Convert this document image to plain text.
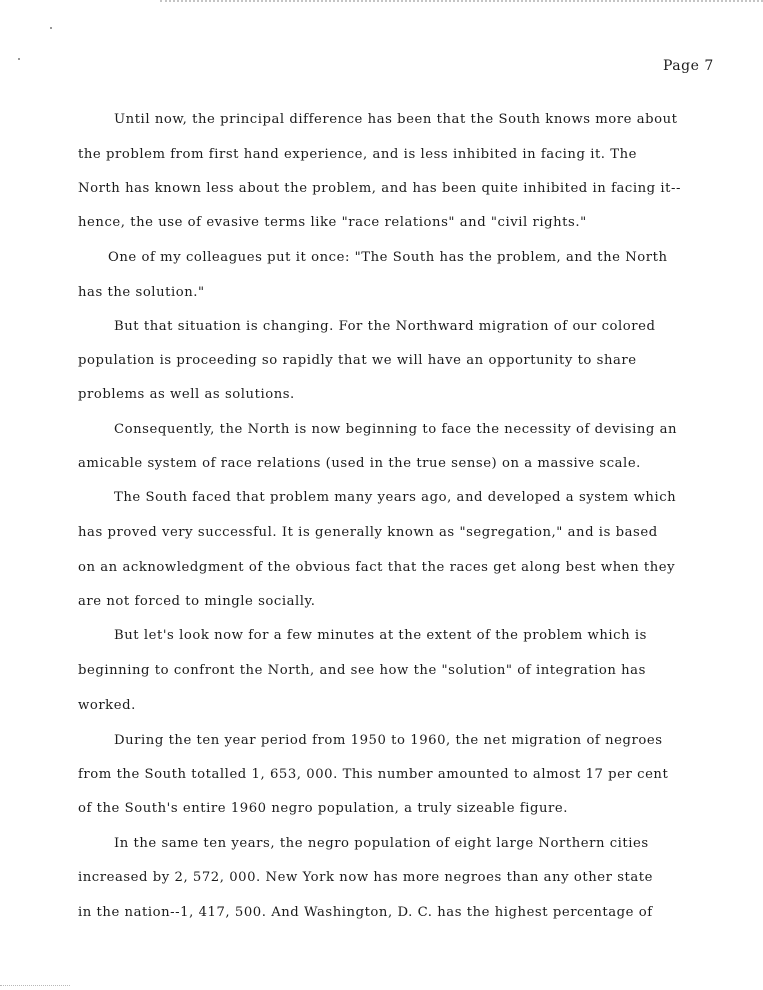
Page 7
Until now, the principal difference has been that the South knows more about
the problem from first hand experience, and is less inhibited in facing it. The
North has known less about the problem, and has been quite inhibited in facing it--
hence, the use of evasive terms like "race relations" and "civil rights."
One of my colleagues put it once: "The South has the problem, and the North
has the solution."
But that situation is changing. For the Northward migration of our colored
population is proceeding so rapidly that we will have an opportunity to share
problems as well as solutions.
Consequently, the North is now beginning to face the necessity of devising an
amicable system of race relations (used in the true sense) on a massive scale.
The South faced that problem many years ago, and developed a system which
has proved very successful. It is generally known as "segregation," and is based
on an acknowledgment of the obvious fact that the races get along best when they
are not forced to mingle socially.
But let's look now for a few minutes at the extent of the problem which is
beginning to confront the North, and see how the "solution" of integration has
worked.
During the ten year period from 1950 to 1960, the net migration of negroes
from the South totalled 1, 653, 000. This number amounted to almost 17 per cent
of the South's entire 1960 negro population, a truly sizeable figure.
In the same ten years, the negro population of eight large Northern cities
increased by 2, 572, 000. New York now has more negroes than any other state
in the nation--1, 417, 500. And Washington, D. C. has the highest percentage of
